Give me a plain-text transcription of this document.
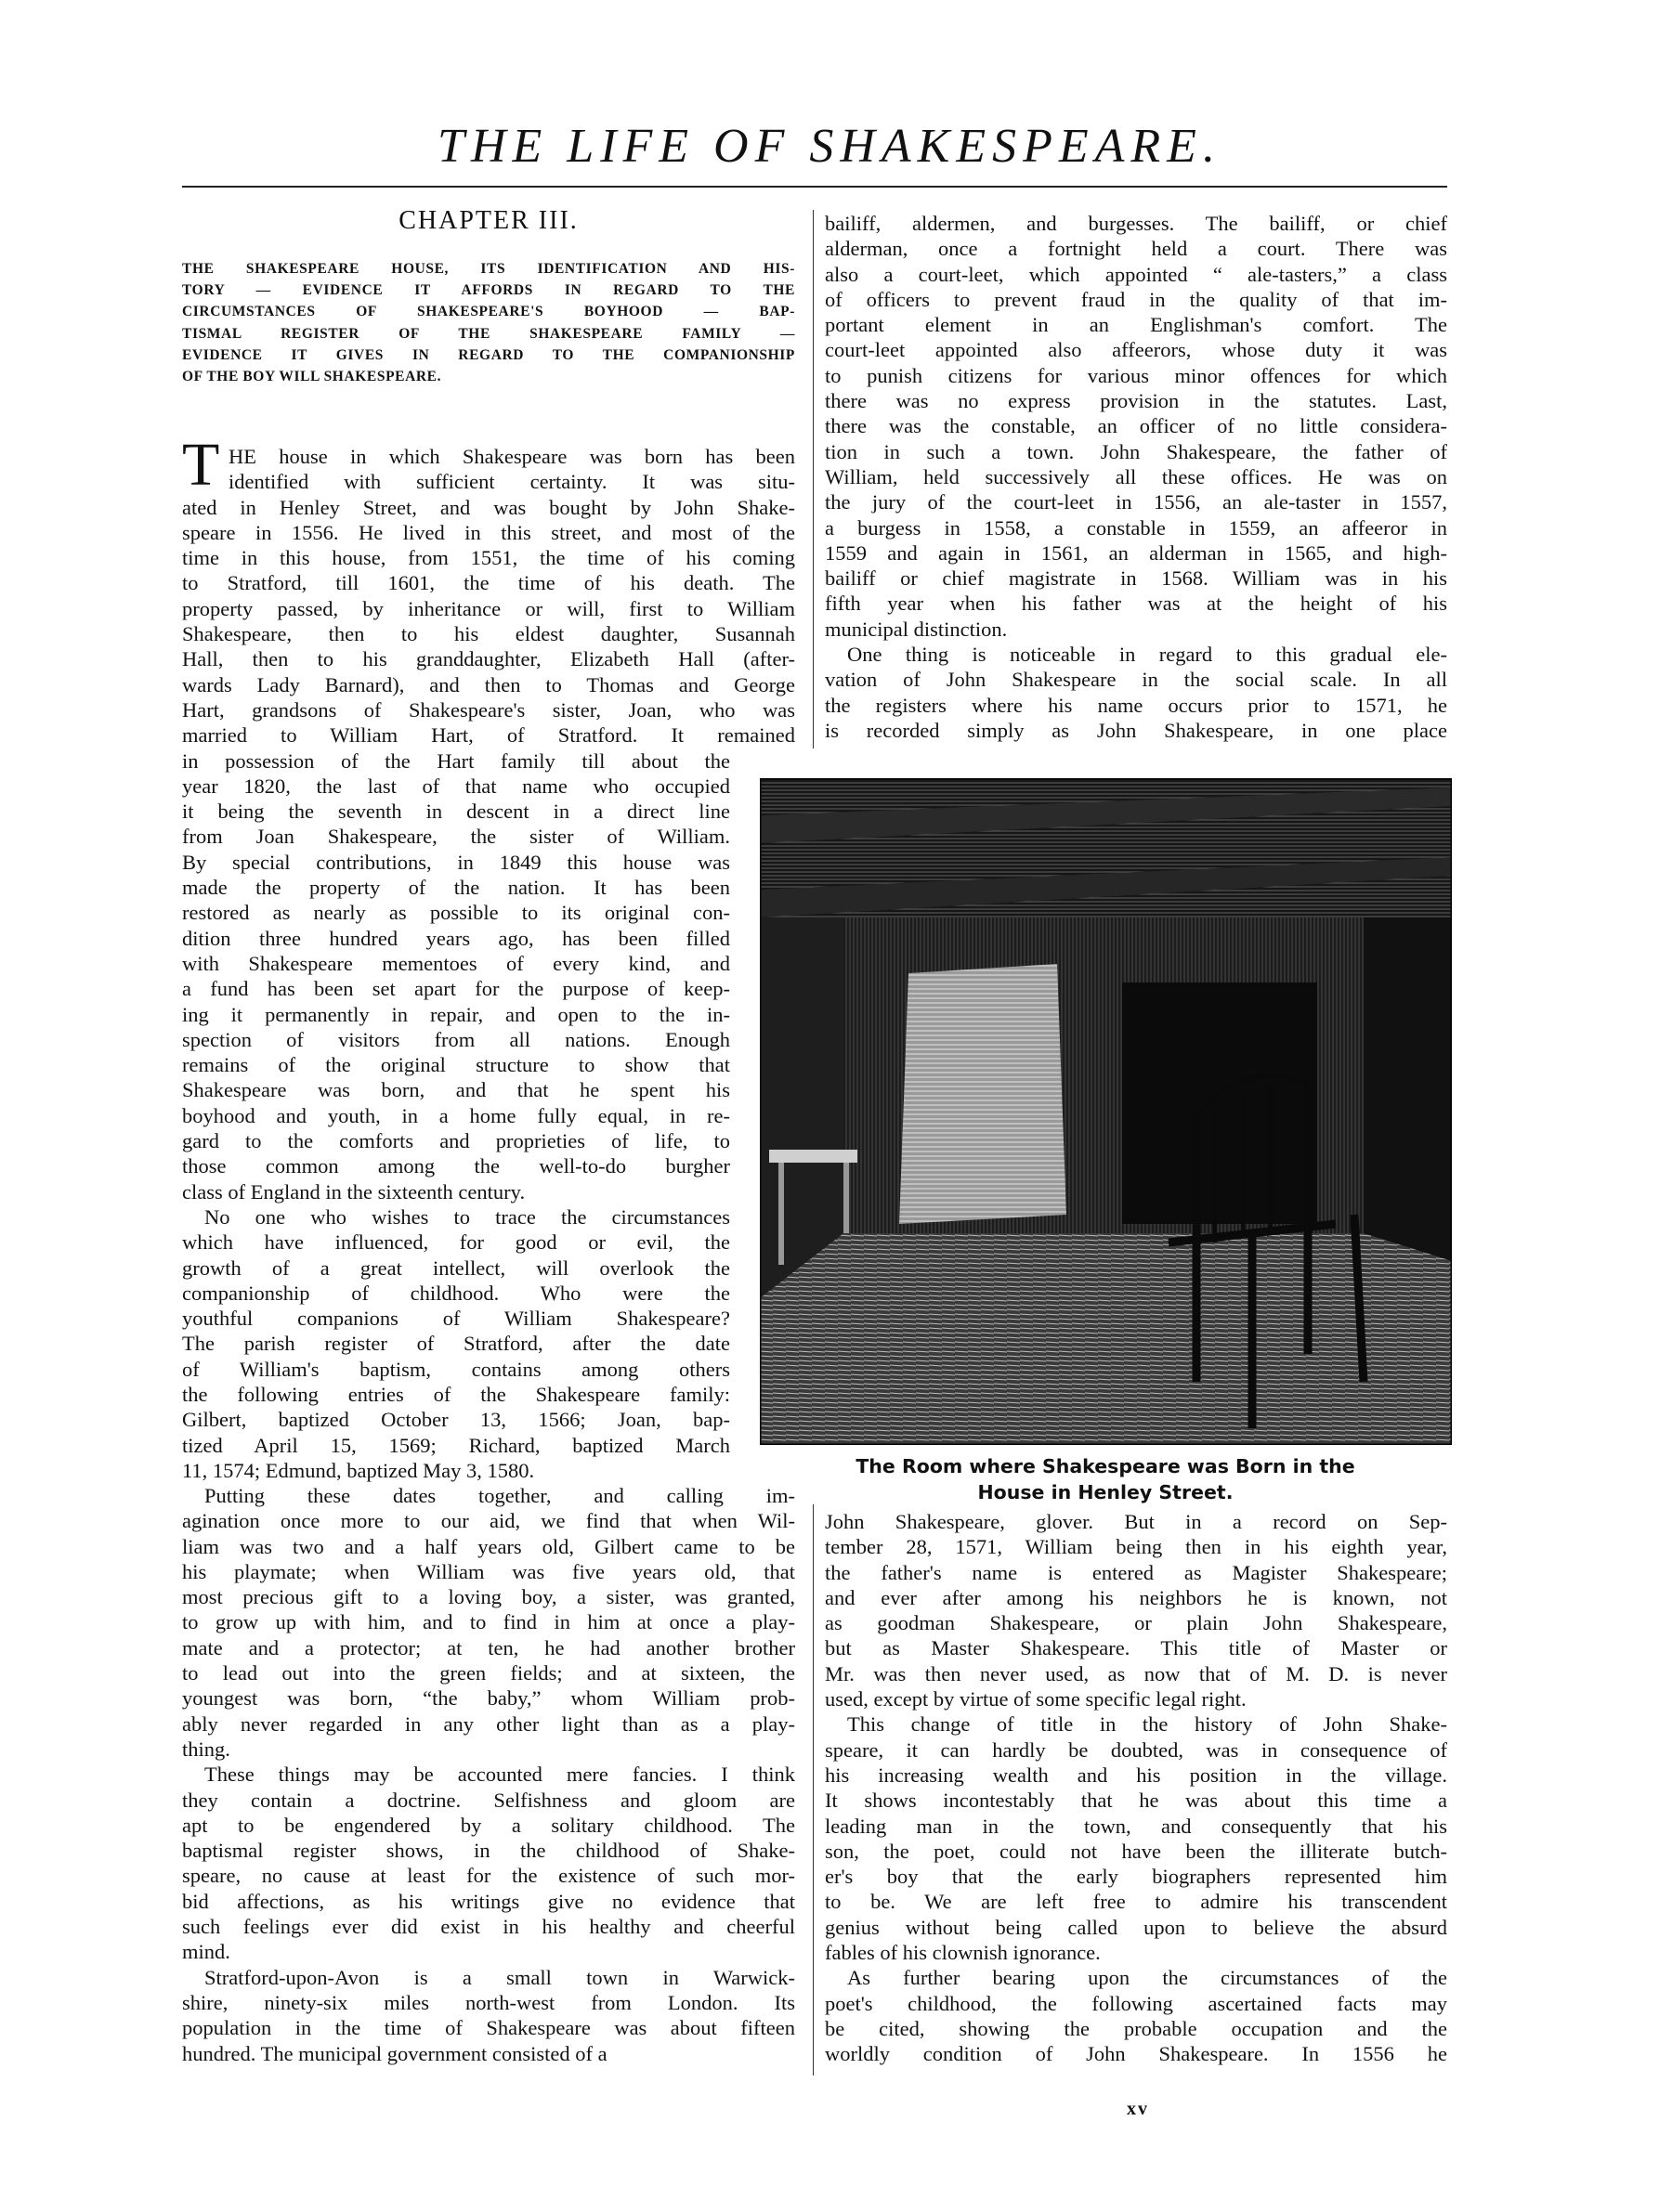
THE LIFE OF SHAKESPEARE.
CHAPTER III.
THE SHAKESPEARE HOUSE, ITS IDENTIFICATION AND HIS-
TORY — EVIDENCE IT AFFORDS IN REGARD TO THE
CIRCUMSTANCES OF SHAKESPEARE'S BOYHOOD — BAP-
TISMAL REGISTER OF THE SHAKESPEARE FAMILY —
EVIDENCE IT GIVES IN REGARD TO THE COMPANIONSHIP
OF THE BOY WILL SHAKESPEARE.
T HE house in which Shakespeare was born has been
identified with sufficient certainty. It was situ-
ated in Henley Street, and was bought by John Shake-
speare in 1556. He lived in this street, and most of the
time in this house, from 1551, the time of his coming
to Stratford, till 1601, the time of his death. The
property passed, by inheritance or will, first to William
Shakespeare, then to his eldest daughter, Susannah
Hall, then to his granddaughter, Elizabeth Hall (after-
wards Lady Barnard), and then to Thomas and George
Hart, grandsons of Shakespeare's sister, Joan, who was
married to William Hart, of Stratford. It remained
in possession of the Hart family till about the
year 1820, the last of that name who occupied
it being the seventh in descent in a direct line
from Joan Shakespeare, the sister of William.
By special contributions, in 1849 this house was
made the property of the nation. It has been
restored as nearly as possible to its original con-
dition three hundred years ago, has been filled
with Shakespeare mementoes of every kind, and
a fund has been set apart for the purpose of keep-
ing it permanently in repair, and open to the in-
spection of visitors from all nations. Enough
remains of the original structure to show that
Shakespeare was born, and that he spent his
boyhood and youth, in a home fully equal, in re-
gard to the comforts and proprieties of life, to
those common among the well-to-do burgher
class of England in the sixteenth century.
No one who wishes to trace the circumstances
which have influenced, for good or evil, the
growth of a great intellect, will overlook the
companionship of childhood. Who were the
youthful companions of William Shakespeare?
The parish register of Stratford, after the date
of William's baptism, contains among others
the following entries of the Shakespeare family:
Gilbert, baptized October 13, 1566; Joan, bap-
tized April 15, 1569; Richard, baptized March
11, 1574; Edmund, baptized May 3, 1580.
Putting these dates together, and calling im-
agination once more to our aid, we find that when Wil-
liam was two and a half years old, Gilbert came to be
his playmate; when William was five years old, that
most precious gift to a loving boy, a sister, was granted,
to grow up with him, and to find in him at once a play-
mate and a protector; at ten, he had another brother
to lead out into the green fields; and at sixteen, the
youngest was born, “the baby,” whom William prob-
ably never regarded in any other light than as a play-
thing.
These things may be accounted mere fancies. I think
they contain a doctrine. Selfishness and gloom are
apt to be engendered by a solitary childhood. The
baptismal register shows, in the childhood of Shake-
speare, no cause at least for the existence of such mor-
bid affections, as his writings give no evidence that
such feelings ever did exist in his healthy and cheerful
mind.
Stratford-upon-Avon is a small town in Warwick-
shire, ninety-six miles north-west from London. Its
population in the time of Shakespeare was about fifteen
hundred. The municipal government consisted of a
bailiff, aldermen, and burgesses. The bailiff, or chief
alderman, once a fortnight held a court. There was
also a court-leet, which appointed “ ale-tasters,” a class
of officers to prevent fraud in the quality of that im-
portant element in an Englishman's comfort. The
court-leet appointed also affeerors, whose duty it was
to punish citizens for various minor offences for which
there was no express provision in the statutes. Last,
there was the constable, an officer of no little considera-
tion in such a town. John Shakespeare, the father of
William, held successively all these offices. He was on
the jury of the court-leet in 1556, an ale-taster in 1557,
a burgess in 1558, a constable in 1559, an affeeror in
1559 and again in 1561, an alderman in 1565, and high-
bailiff or chief magistrate in 1568. William was in his
fifth year when his father was at the height of his
municipal distinction.
One thing is noticeable in regard to this gradual ele-
vation of John Shakespeare in the social scale. In all
the registers where his name occurs prior to 1571, he
is recorded simply as John Shakespeare, in one place
John Shakespeare, glover. But in a record on Sep-
tember 28, 1571, William being then in his eighth year,
the father's name is entered as Magister Shakespeare;
and ever after among his neighbors he is known, not
as goodman Shakespeare, or plain John Shakespeare,
but as Master Shakespeare. This title of Master or
Mr. was then never used, as now that of M. D. is never
used, except by virtue of some specific legal right.
This change of title in the history of John Shake-
speare, it can hardly be doubted, was in consequence of
his increasing wealth and his position in the village.
It shows incontestably that he was about this time a
leading man in the town, and consequently that his
son, the poet, could not have been the illiterate butch-
er's boy that the early biographers represented him
to be. We are left free to admire his transcendent
genius without being called upon to believe the absurd
fables of his clownish ignorance.
As further bearing upon the circumstances of the
poet's childhood, the following ascertained facts may
be cited, showing the probable occupation and the
worldly condition of John Shakespeare. In 1556 he
The Room where Shakespeare was Born in the
House in Henley Street.
xv
